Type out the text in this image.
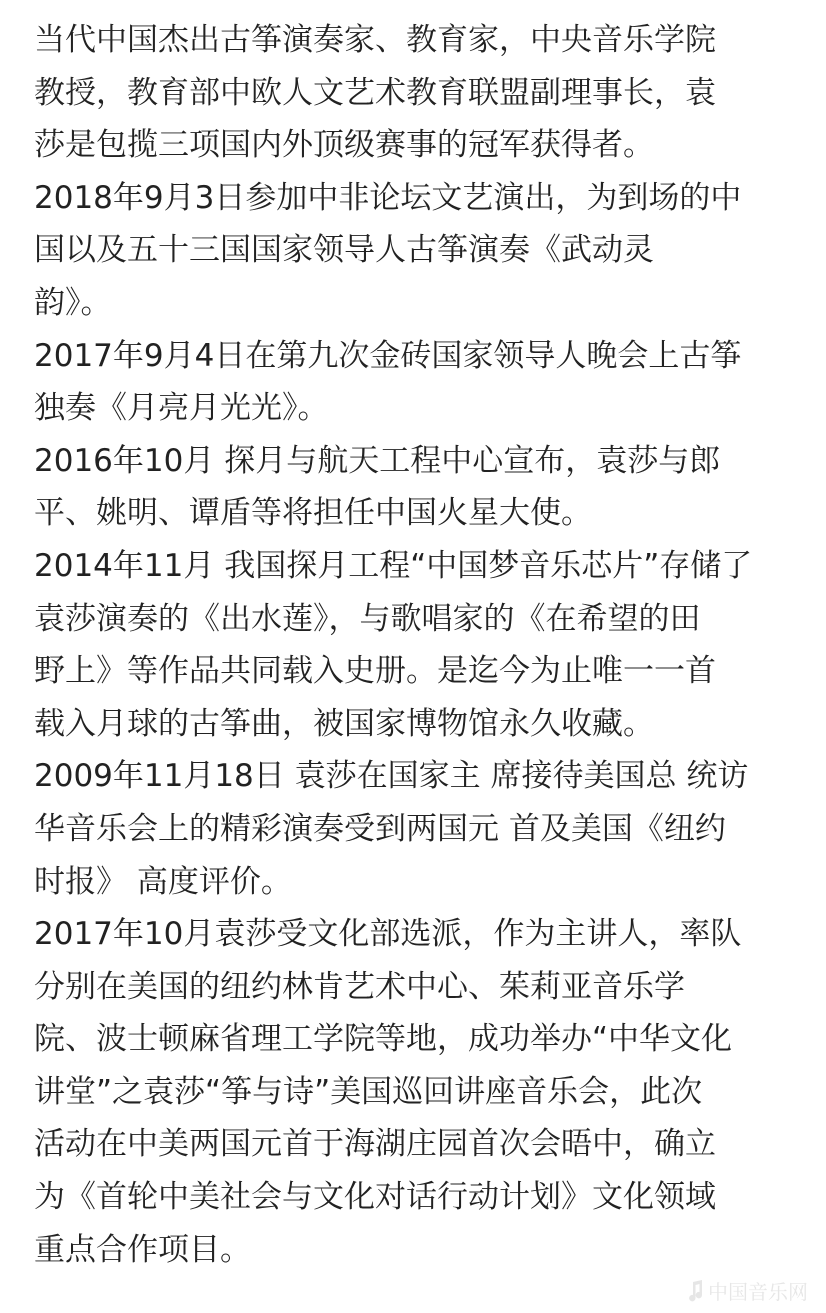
当代中国杰出古筝演奏家、教育家，中央音乐学院
教授，教育部中欧人文艺术教育联盟副理事长，袁
莎是包揽三项国内外顶级赛事的冠军获得者。
2018年9月3日参加中非论坛文艺演出，为到场的中
国以及五十三国国家领导人古筝演奏《武动灵
韵》。
2017年9月4日在第九次金砖国家领导人晚会上古筝
独奏《月亮月光光》。
2016年10月 探月与航天工程中心宣布，袁莎与郎
平、姚明、谭盾等将担任中国火星大使。
2014年11月 我国探月工程“中国梦音乐芯片”存储了
袁莎演奏的《出水莲》，与歌唱家的《在希望的田
野上》等作品共同载入史册。是迄今为止唯一一首
载入月球的古筝曲，被国家博物馆永久收藏。
2009年11月18日 袁莎在国家主 席接待美国总 统访
华音乐会上的精彩演奏受到两国元 首及美国《纽约
时报》 高度评价。
2017年10月袁莎受文化部选派，作为主讲人，率队
分别在美国的纽约林肯艺术中心、茱莉亚音乐学
院、波士顿麻省理工学院等地，成功举办“中华文化
讲堂”之袁莎“筝与诗”美国巡回讲座音乐会，此次
活动在中美两国元首于海湖庄园首次会晤中，确立
为《首轮中美社会与文化对话行动计划》文化领域
重点合作项目。
中国音乐网
